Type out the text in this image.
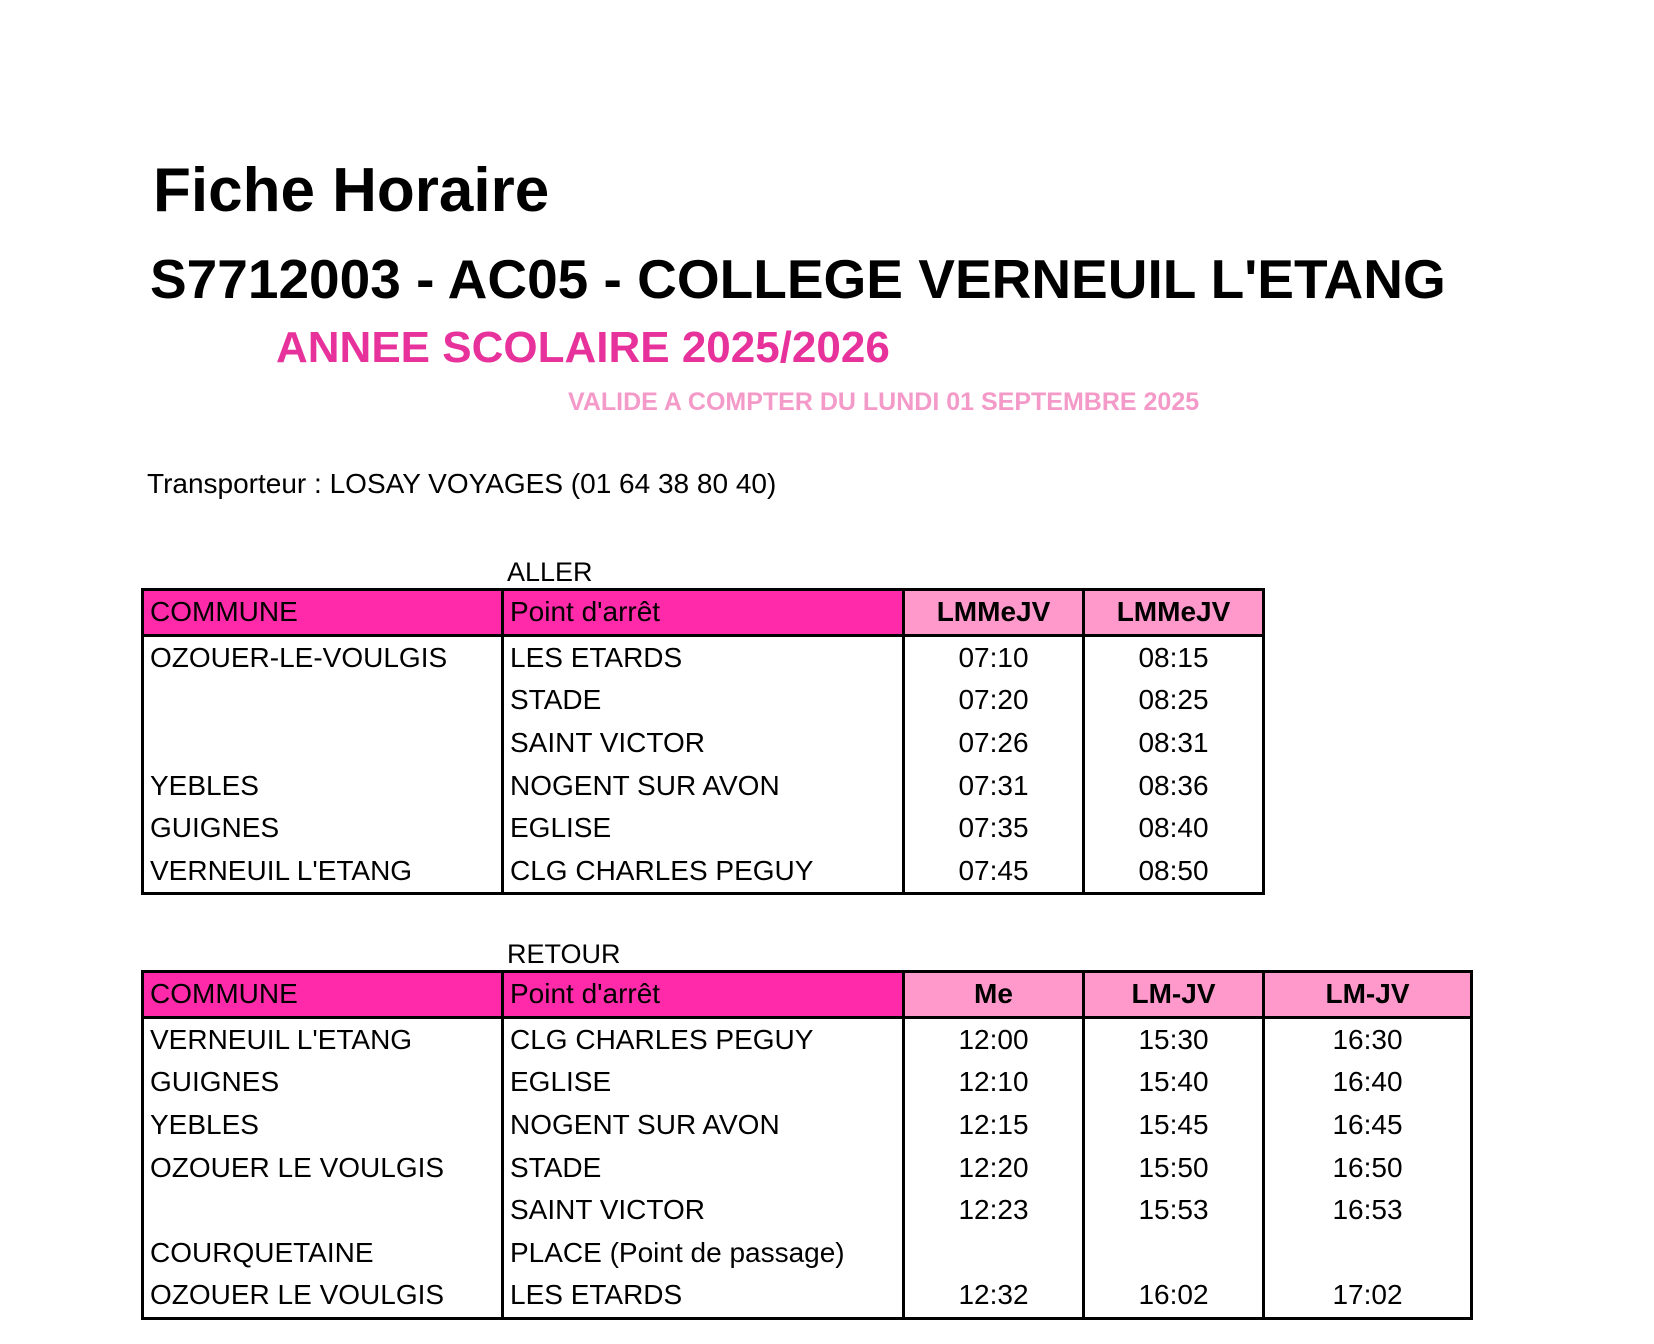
Fiche Horaire
S7712003 - AC05 - COLLEGE VERNEUIL L'ETANG
ANNEE SCOLAIRE 2025/2026
VALIDE A COMPTER DU LUNDI 01 SEPTEMBRE 2025
Transporteur : LOSAY VOYAGES (01 64 38 80 40)
ALLER
COMMUNE	Point d'arrêt	LMMeJV	LMMeJV
OZOUER-LE-VOULGIS	LES ETARDS	07:10	08:15
	STADE	07:20	08:25
	SAINT VICTOR	07:26	08:31
YEBLES	NOGENT SUR AVON	07:31	08:36
GUIGNES	EGLISE	07:35	08:40
VERNEUIL L'ETANG	CLG CHARLES PEGUY	07:45	08:50
RETOUR
COMMUNE	Point d'arrêt	Me	LM-JV	LM-JV
VERNEUIL L'ETANG	CLG CHARLES PEGUY	12:00	15:30	16:30
GUIGNES	EGLISE	12:10	15:40	16:40
YEBLES	NOGENT SUR AVON	12:15	15:45	16:45
OZOUER LE VOULGIS	STADE	12:20	15:50	16:50
	SAINT VICTOR	12:23	15:53	16:53
COURQUETAINE	PLACE (Point de passage)			
OZOUER LE VOULGIS	LES ETARDS	12:32	16:02	17:02
